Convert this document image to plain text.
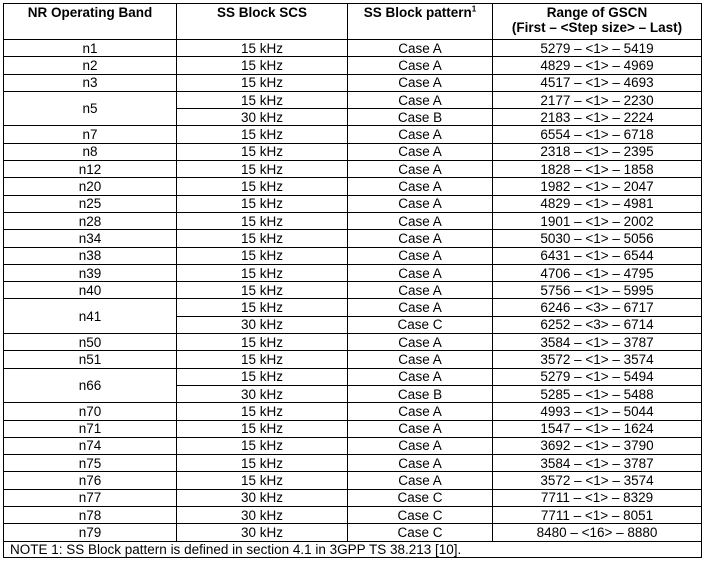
NR Operating Band	SS Block SCS	SS Block pattern$^1$	Range of GSCN
(First – <Step size> – Last)
n1	15 kHz	Case A	5279 – <1> – 5419
n2	15 kHz	Case A	4829 – <1> – 4969
n3	15 kHz	Case A	4517 – <1> – 4693
n5	15 kHz	Case A	2177 – <1> – 2230
	30 kHz	Case B	2183 – <1> – 2224
n7	15 kHz	Case A	6554 – <1> – 6718
n8	15 kHz	Case A	2318 – <1> – 2395
n12	15 kHz	Case A	1828 – <1> – 1858
n20	15 kHz	Case A	1982 – <1> – 2047
n25	15 kHz	Case A	4829 – <1> – 4981
n28	15 kHz	Case A	1901 – <1> – 2002
n34	15 kHz	Case A	5030 – <1> – 5056
n38	15 kHz	Case A	6431 – <1> – 6544
n39	15 kHz	Case A	4706 – <1> – 4795
n40	15 kHz	Case A	5756 – <1> – 5995
n41	15 kHz	Case A	6246 – <3> – 6717
	30 kHz	Case C	6252 – <3> – 6714
n50	15 kHz	Case A	3584 – <1> – 3787
n51	15 kHz	Case A	3572 – <1> – 3574
n66	15 kHz	Case A	5279 – <1> – 5494
	30 kHz	Case B	5285 – <1> – 5488
n70	15 kHz	Case A	4993 – <1> – 5044
n71	15 kHz	Case A	1547 – <1> – 1624
n74	15 kHz	Case A	3692 – <1> – 3790
n75	15 kHz	Case A	3584 – <1> – 3787
n76	15 kHz	Case A	3572 – <1> – 3574
n77	30 kHz	Case C	7711 – <1> – 8329
n78	30 kHz	Case C	7711 – <1> – 8051
n79	30 kHz	Case C	8480 – <16> – 8880
NOTE 1: SS Block pattern is defined in section 4.1 in 3GPP TS 38.213 [10].			
